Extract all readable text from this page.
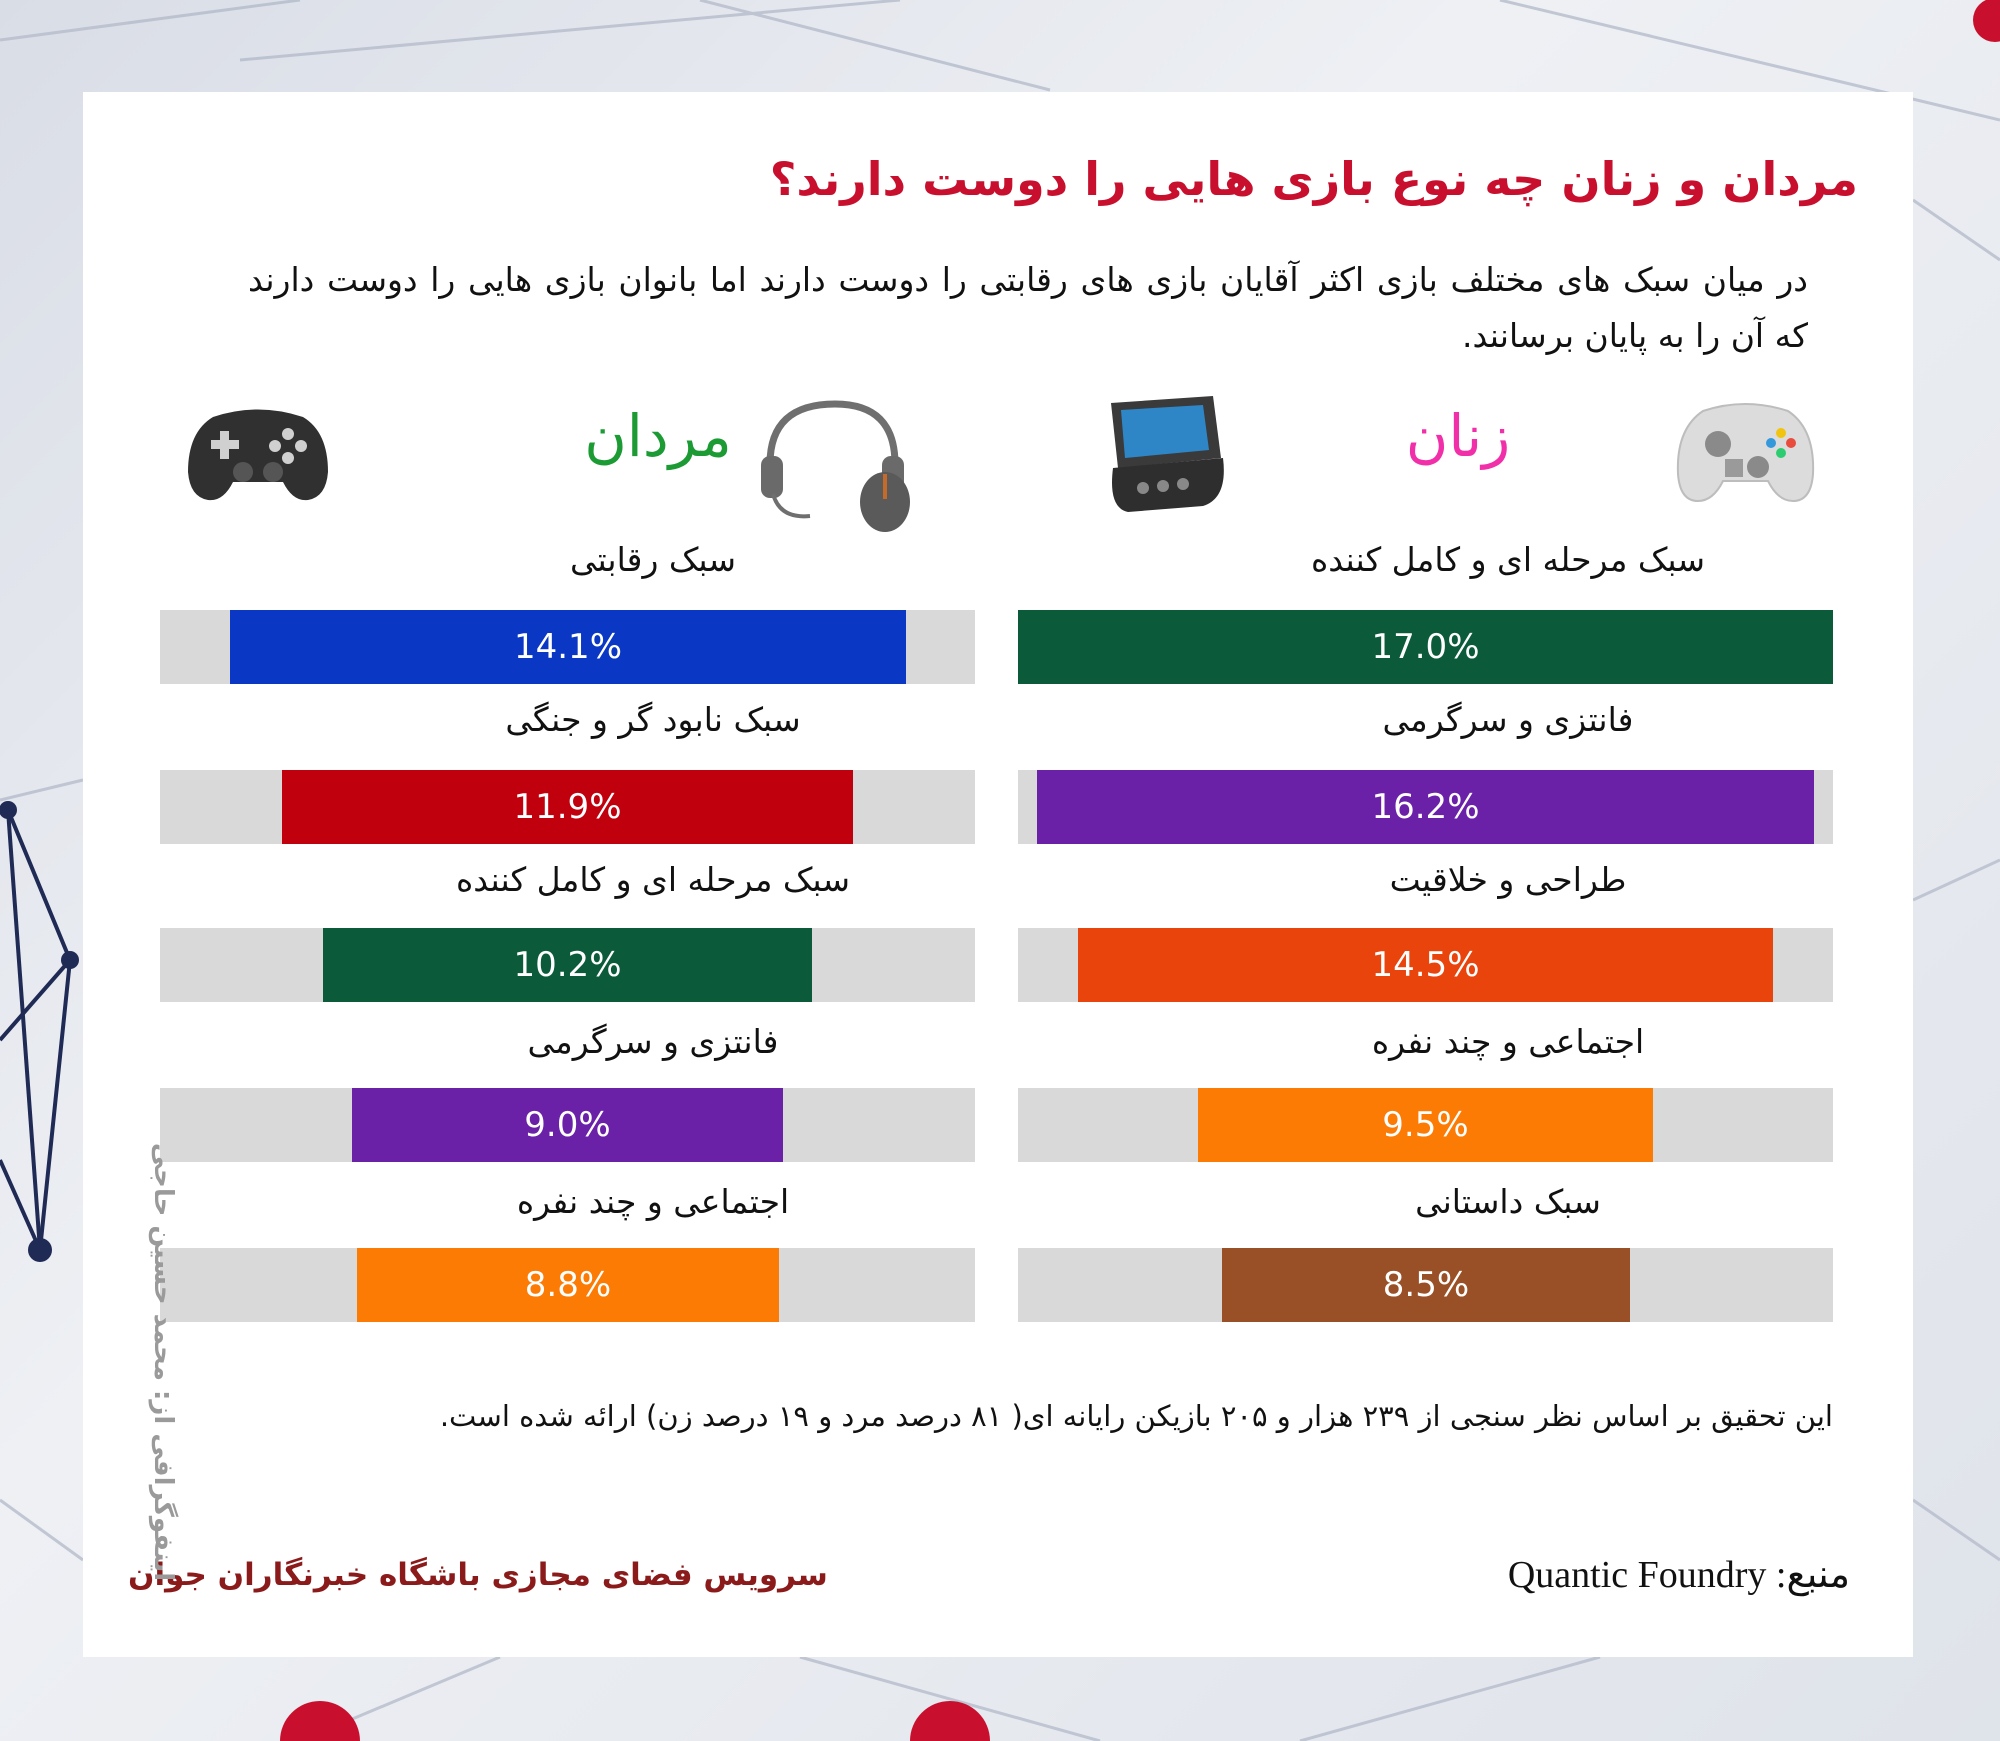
مردان و زنان چه نوع بازی هایی را دوست دارند؟
در میان سبک های مختلف بازی اکثر آقایان بازی های رقابتی را دوست دارند اما بانوان بازی هایی را دوست دارند که آن را به پایان برسانند.
مردان	زنان
سبک رقابتی
14.1%
سبک نابود گر و جنگی
11.9%
سبک مرحله ای و کامل کننده
10.2%
فانتزی و سرگرمی
9.0%
اجتماعی و چند نفره
8.8%
سبک مرحله ای و کامل کننده
17.0%
فانتزی و سرگرمی
16.2%
طراحی و خلاقیت
14.5%
اجتماعی و چند نفره
9.5%
سبک داستانی
8.5%
این تحقیق بر اساس نظر سنجی از ۲۳۹ هزار و ۲۰۵ بازیکن رایانه ای( ۸۱ درصد مرد و ۱۹ درصد زن) ارائه شده است.
منبع: Quantic Foundry
سرویس فضای مجازی باشگاه خبرنگاران جوان
اینفوگرافی از: محمد حسین حاجی
